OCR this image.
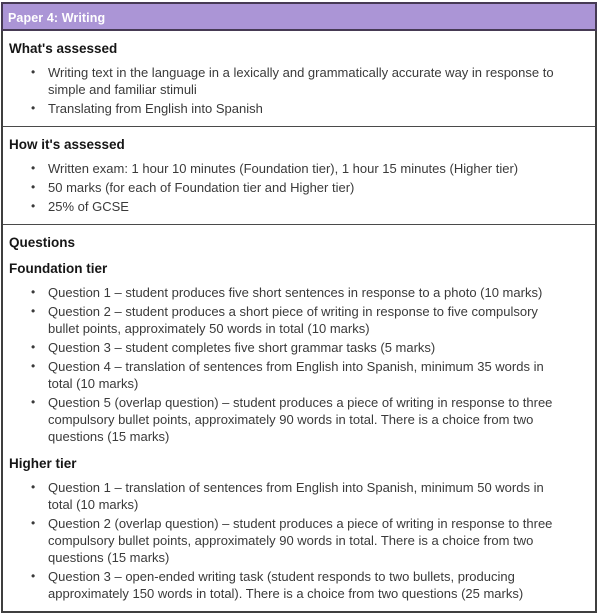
Paper 4: Writing
What's assessed
• Writing text in the language in a lexically and grammatically accurate way in response to simple and familiar stimuli
• Translating from English into Spanish
How it's assessed
• Written exam: 1 hour 10 minutes (Foundation tier), 1 hour 15 minutes (Higher tier)
• 50 marks (for each of Foundation tier and Higher tier)
• 25% of GCSE
Questions
Foundation tier
• Question 1 – student produces five short sentences in response to a photo (10 marks)
• Question 2 – student produces a short piece of writing in response to five compulsory bullet points, approximately 50 words in total (10 marks)
• Question 3 – student completes five short grammar tasks (5 marks)
• Question 4 – translation of sentences from English into Spanish, minimum 35 words in total (10 marks)
• Question 5 (overlap question) – student produces a piece of writing in response to three compulsory bullet points, approximately 90 words in total. There is a choice from two questions (15 marks)
Higher tier
• Question 1 – translation of sentences from English into Spanish, minimum 50 words in total (10 marks)
• Question 2 (overlap question) – student produces a piece of writing in response to three compulsory bullet points, approximately 90 words in total. There is a choice from two questions (15 marks)
• Question 3 – open-ended writing task (student responds to two bullets, producing approximately 150 words in total). There is a choice from two questions (25 marks)
